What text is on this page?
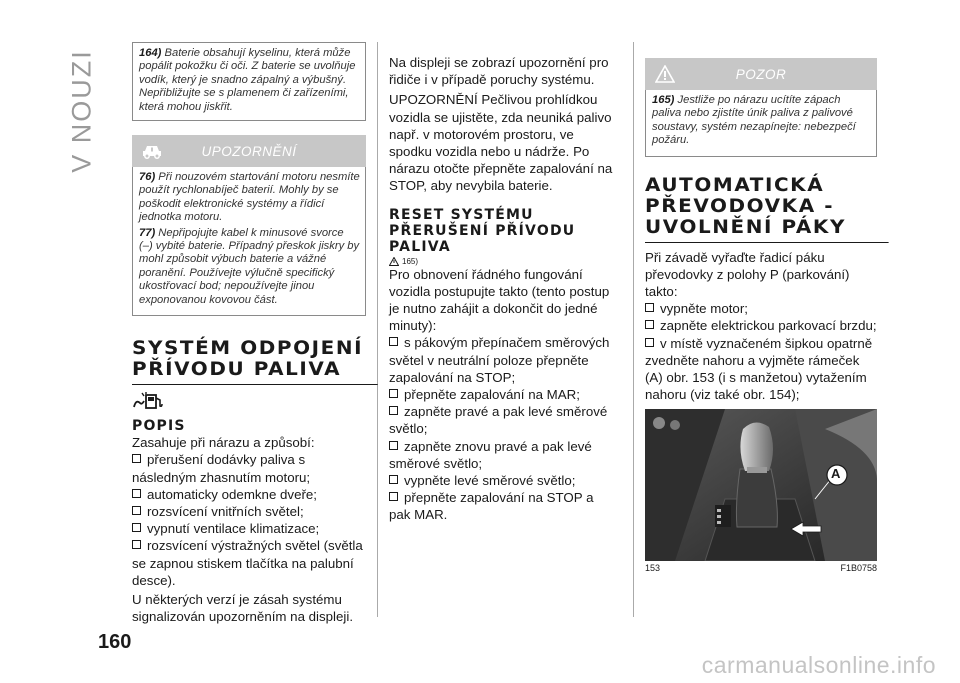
V NOUZI
160

164) Baterie obsahují kyselinu, která může popálit pokožku či oči. Z baterie se uvolňuje vodík, který je snadno zápalný a výbušný. Nepřibližujte se s plamenem či zařízeními, která mohou jiskřit.

UPOZORNĚNÍ

76) Při nouzovém startování motoru nesmíte použít rychlonabíječ baterií. Mohly by se poškodit elektronické systémy a řídicí jednotka motoru.

77) Nepřipojujte kabel k minusové svorce (–) vybité baterie. Případný přeskok jiskry by mohl způsobit výbuch baterie a vážné poranění. Používejte výlučně specifický ukostřovací bod; nepoužívejte jinou exponovanou kovovou část.

SYSTÉM ODPOJENÍ PŘÍVODU PALIVA
POPIS

Zasahuje při nárazu a způsobí:

přerušení dodávky paliva s následným zhasnutím motoru;

automaticky odemkne dveře;

rozsvícení vnitřních světel;

vypnutí ventilace klimatizace;

rozsvícení výstražných světel (světla se zapnou stiskem tlačítka na palubní desce).

U některých verzí je zásah systému signalizován upozorněním na displeji.

Na displeji se zobrazí upozornění pro řidiče i v případě poruchy systému.

UPOZORNĚNÍ Pečlivou prohlídkou vozidla se ujistěte, zda neuniká palivo např. v motorovém prostoru, ve spodku vozidla nebo u nádrže. Po nárazu otočte přepněte zapalování na STOP, aby nevybila baterie.

RESET SYSTÉMU PŘERUŠENÍ PŘÍVODU PALIVA
165)

Pro obnovení řádného fungování vozidla postupujte takto (tento postup je nutno zahájit a dokončit do jedné minuty):

s pákovým přepínačem směrových světel v neutrální poloze přepněte zapalování na STOP;

přepněte zapalování na MAR;

zapněte pravé a pak levé směrové světlo;

zapněte znovu pravé a pak levé směrové světlo;

vypněte levé směrové světlo;

přepněte zapalování na STOP a pak MAR.

POZOR

165) Jestliže po nárazu ucítíte zápach paliva nebo zjistíte únik paliva z palivové soustavy, systém nezapínejte: nebezpečí požáru.

AUTOMATICKÁ PŘEVODOVKA - UVOLNĚNÍ PÁKY

Při závadě vyřaďte řadicí páku převodovky z polohy P (parkování) takto:

vypněte motor;

zapněte elektrickou parkovací brzdu;

v místě vyznačeném šipkou opatrně zvedněte nahoru a vyjměte rámeček (A) obr. 153 (i s manžetou) vytažením nahoru (viz také obr. 154);

A
153	F1B0758
carmanualsonline.info
